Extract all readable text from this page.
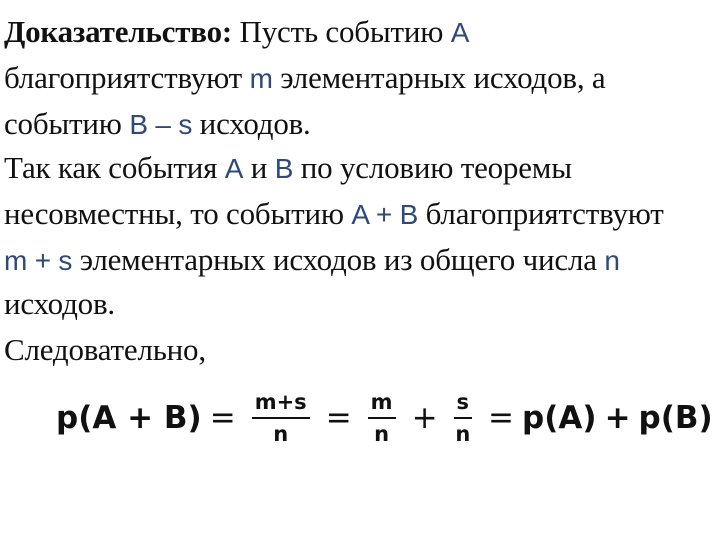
Доказательство: Пусть событию A
благоприятствуют m элементарных исходов, а
событию B – s исходов.
Так как события A и B по условию теоремы
несовместны, то событию A + B благоприятствуют
m + s элементарных исходов из общего числа n
исходов.
Следовательно,
$p(A + B) = \frac{m+s}{n} = \frac{m}{n} + \frac{s}{n} = p(A) + p(B)$
